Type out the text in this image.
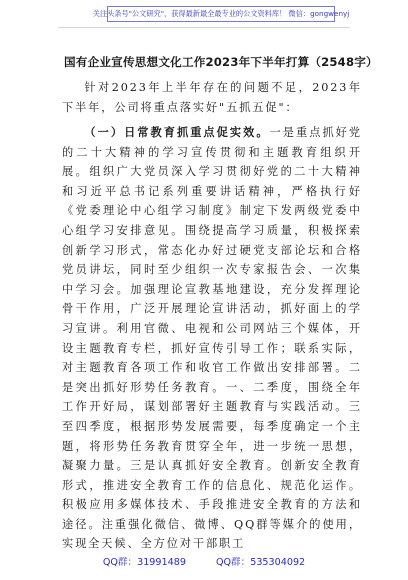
关注头条号"公文研究"，获得最新最全最专业的公文资料库！ 微信：gongwenyj
国有企业宣传思想文化工作2023年下半年打算（2548字）

针对2023年上半年存在的问题不足，2023年下半年，公司将重点落实好"五抓五促"：

（一）日常教育抓重点促实效。一是重点抓好党的二十大精神的学习宣传贯彻和主题教育组织开展。组织广大党员深入学习贯彻好党的二十大精神和习近平总书记系列重要讲话精神，严格执行好《党委理论中心组学习制度》制定下发两级党委中心组学习安排意见。围绕提高学习质量，积极探索创新学习形式，常态化办好过硬党支部论坛和合格党员讲坛，同时至少组织一次专家报告会、一次集中学习会。加强理论宣教基地建设，充分发挥理论骨干作用，广泛开展理论宣讲活动，抓好面上的学习宣讲。利用官微、电视和公司网站三个媒体，开设主题教育专栏，抓好宣传引导工作；联系实际，对主题教育各项工作和收官工作做出安排部署。二是突出抓好形势任务教育。一、二季度，围绕全年工作开好局，谋划部署好主题教育与实践活动。三至四季度，根据形势发展需要，每季度确定一个主题，将形势任务教育贯穿全年，进一步统一思想，凝聚力量。三是认真抓好安全教育。创新安全教育形式，推进安全教育工作的信息化、规范化运作。积极应用多媒体技术、手段推进安全教育的方法和途径。注重强化微信、微博、QQ群等媒介的使用，实现全天候、全方位对干部职工

QQ群：31991489	QQ群：535304092
